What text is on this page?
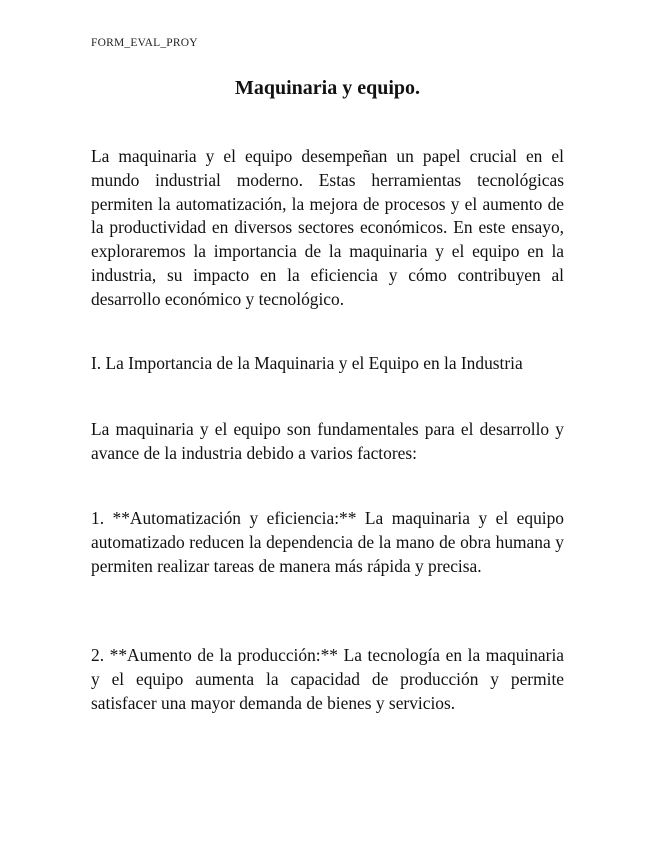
FORM_EVAL_PROY
Maquinaria y equipo.

La maquinaria y el equipo desempeñan un papel crucial en el mundo industrial moderno. Estas herramientas tecnológicas permiten la automatización, la mejora de procesos y el aumento de la productividad en diversos sectores económicos. En este ensayo, exploraremos la importancia de la maquinaria y el equipo en la industria, su impacto en la eficiencia y cómo contribuyen al desarrollo económico y tecnológico.

I. La Importancia de la Maquinaria y el Equipo en la Industria

La maquinaria y el equipo son fundamentales para el desarrollo y avance de la industria debido a varios factores:

1. **Automatización y eficiencia:** La maquinaria y el equipo automatizado reducen la dependencia de la mano de obra humana y permiten realizar tareas de manera más rápida y precisa.

2. **Aumento de la producción:** La tecnología en la maquinaria y el equipo aumenta la capacidad de producción y permite satisfacer una mayor demanda de bienes y servicios.
